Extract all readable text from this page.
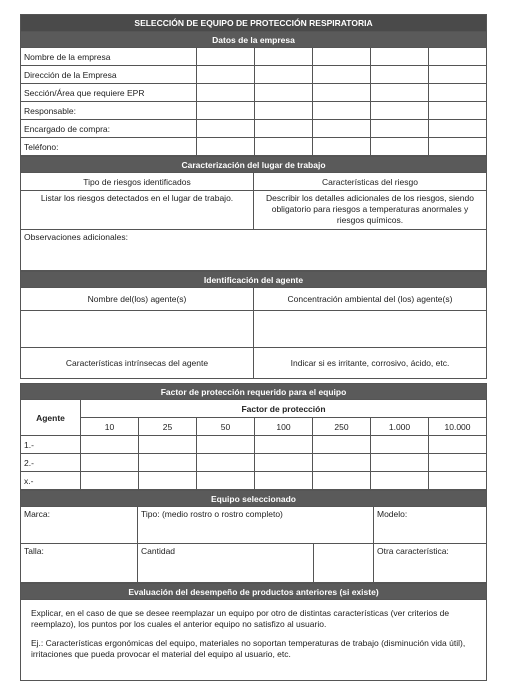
SELECCIÓN DE EQUIPO DE PROTECCIÓN RESPIRATORIA					
Datos de la empresa					
Nombre de la empresa					
Dirección de la Empresa					
Sección/Área que requiere EPR					
Responsable:					
Encargado de compra:					
Teléfono:					
Caracterización del lugar de trabajo	
Tipo de riesgos identificados	Características del riesgo
Listar los riesgos detectados en el lugar de trabajo.	Describir los detalles adicionales de los riesgos, siendo obligatorio para riesgos a temperaturas anormales y riesgos químicos.
Observaciones adicionales:	
Identificación del agente	
Nombre del(los) agente(s)	Concentración ambiental del (los) agente(s)

Características intrínsecas del agente	Indicar si es irritante, corrosivo, ácido, etc.
Factor de protección requerido para el equipo							
Agente	Factor de protección						
	10	25	50	100	250	1.000	10.000
1.-							
2.-							
x.-							
Equipo seleccionado			
Marca:	Tipo: (medio rostro o rostro completo)		Modelo:
Talla:	Cantidad		Otra característica:
Evaluación del desempeño de productos anteriores (si existe)

Explicar, en el caso de que se desee reemplazar un equipo por otro de distintas características (ver criterios de reemplazo), los puntos por los cuales el anterior equipo no satisfizo al usuario.

Ej.: Características ergonómicas del equipo, materiales no soportan temperaturas de trabajo (disminución vida útil), irritaciones que pueda provocar el material del equipo al usuario, etc.
